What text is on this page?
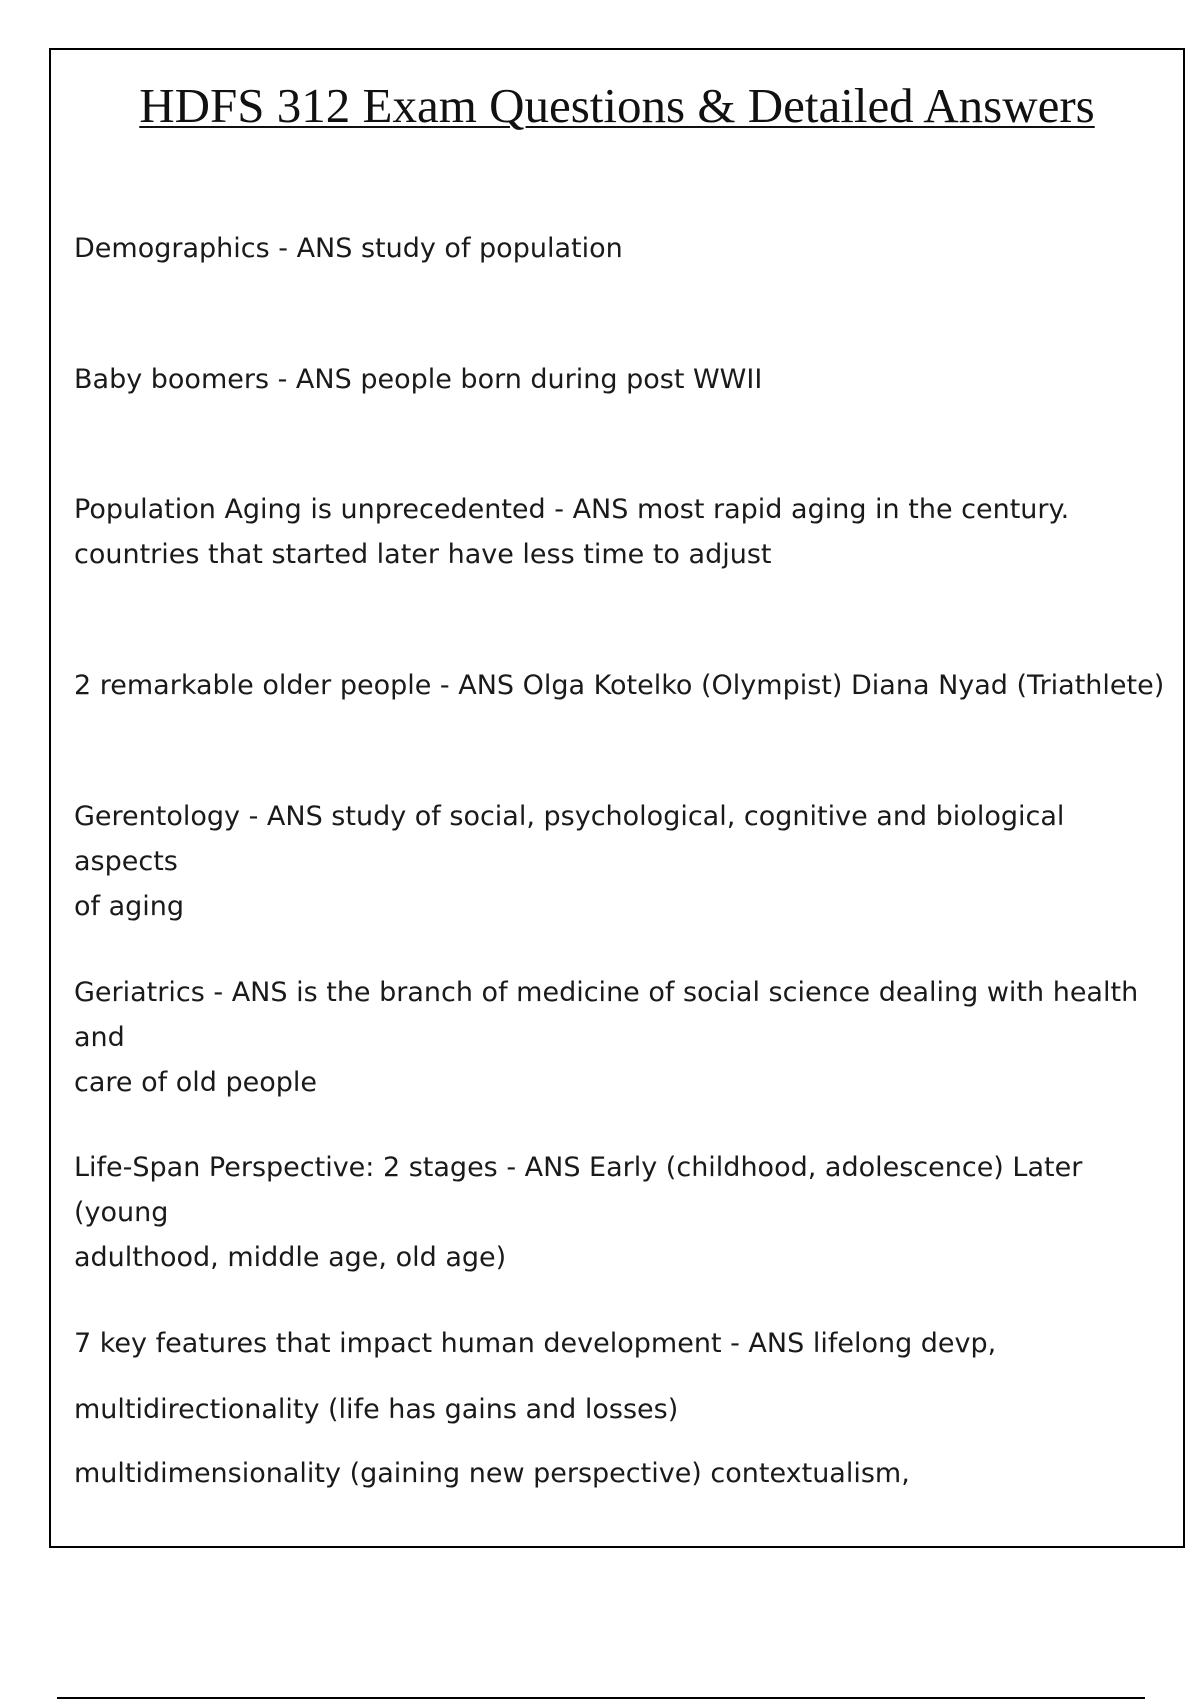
HDFS 312 Exam Questions & Detailed Answers

Demographics - ANS study of population

Baby boomers - ANS people born during post WWII

Population Aging is unprecedented - ANS most rapid aging in the century.
countries that started later have less time to adjust

2 remarkable older people - ANS Olga Kotelko (Olympist) Diana Nyad (Triathlete)

Gerentology - ANS study of social, psychological, cognitive and biological aspects
of aging
Geriatrics - ANS is the branch of medicine of social science dealing with health and
care of old people
Life-Span Perspective: 2 stages - ANS Early (childhood, adolescence) Later (young
adulthood, middle age, old age)
7 key features that impact human development - ANS lifelong devp,
multidirectionality (life has gains and losses)
multidimensionality (gaining new perspective) contextualism,
